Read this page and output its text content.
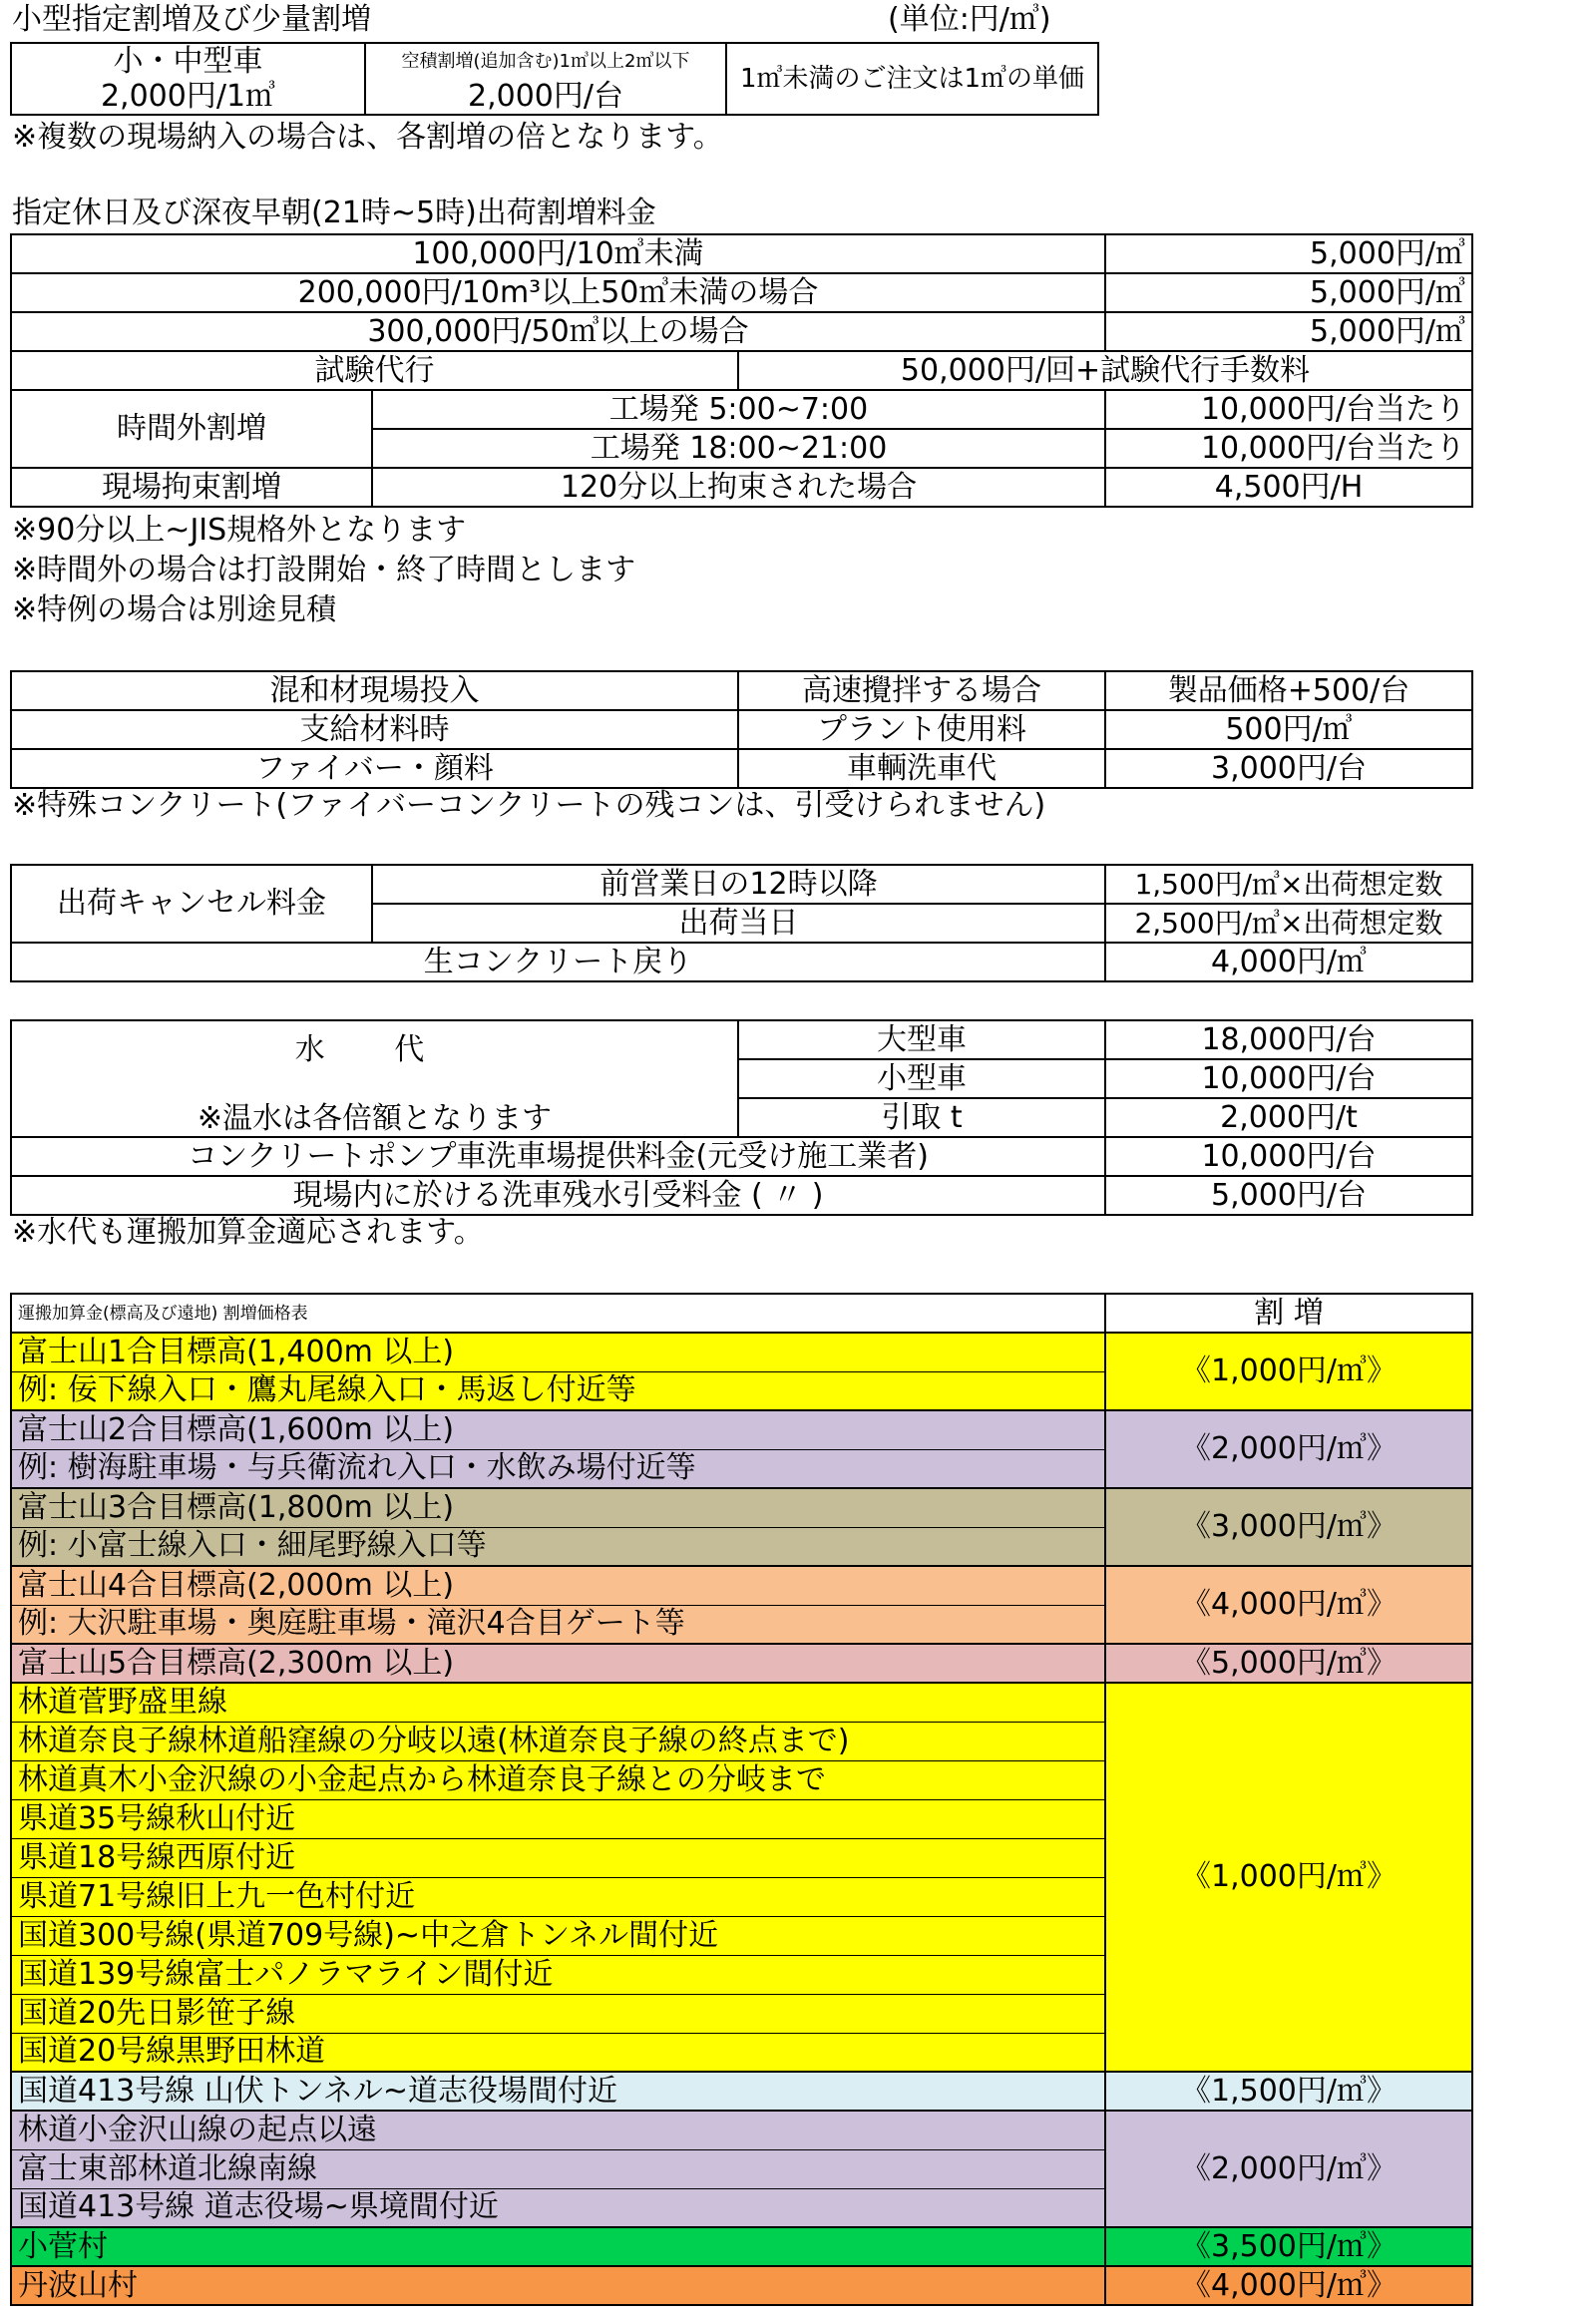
小型指定割増及び少量割増	(単位:円/㎥)
小・中型車	空積割増(追加含む)1㎥以上2㎥以下	1㎥未満のご注文は1㎥の単価
2,000円/1㎥	2,000円/台	
※複数の現場納入の場合は、各割増の倍となります。
指定休日及び深夜早朝(21時~5時)出荷割増料金
100,000円/10㎥未満			5,000円/㎥
200,000円/10m³以上50㎥未満の場合			5,000円/㎥
300,000円/50㎥以上の場合			5,000円/㎥
試験代行		50,000円/回+試験代行手数料	
時間外割増	工場発 5:00~7:00		10,000円/台当たり
	工場発 18:00~21:00		10,000円/台当たり
現場拘束割増	120分以上拘束された場合		4,500円/H
※90分以上~JIS規格外となります
※時間外の場合は打設開始・終了時間とします
※特例の場合は別途見積
混和材現場投入	高速攪拌する場合	製品価格+500/台
支給材料時	プラント使用料	500円/㎥
ファイバー・顔料	車輌洗車代	3,000円/台
※特殊コンクリート(ファイバーコンクリートの残コンは、引受けられません)
出荷キャンセル料金	前営業日の12時以降	1,500円/㎥×出荷想定数
	出荷当日	2,500円/㎥×出荷想定数
生コンクリート戻り		4,000円/㎥
水 代
※温水は各倍額となります	大型車	18,000円/台
	小型車	10,000円/台
	引取 t	2,000円/t
コンクリートポンプ車洗車場提供料金(元受け施工業者)		10,000円/台
現場内に於ける洗車残水引受料金 ( 〃 )		5,000円/台
※水代も運搬加算金適応されます。
運搬加算金(標高及び遠地) 割増価格表	割 増
富士山1合目標高(1,400m 以上)	《1,000円/㎥》
例: 佞下線入口・鷹丸尾線入口・馬返し付近等	
富士山2合目標高(1,600m 以上)	《2,000円/㎥》
例: 樹海駐車場・与兵衛流れ入口・水飲み場付近等	
富士山3合目標高(1,800m 以上)	《3,000円/㎥》
例: 小富士線入口・細尾野線入口等	
富士山4合目標高(2,000m 以上)	《4,000円/㎥》
例: 大沢駐車場・奥庭駐車場・滝沢4合目ゲート等	
富士山5合目標高(2,300m 以上)	《5,000円/㎥》
林道菅野盛里線	《1,000円/㎥》
林道奈良子線林道船窪線の分岐以遠(林道奈良子線の終点まで)	
林道真木小金沢線の小金起点から林道奈良子線との分岐まで	
県道35号線秋山付近	
県道18号線西原付近	
県道71号線旧上九一色村付近	
国道300号線(県道709号線)~中之倉トンネル間付近	
国道139号線富士パノラマライン間付近	
国道20先日影笹子線	
国道20号線黒野田林道	
国道413号線 山伏トンネル~道志役場間付近	《1,500円/㎥》
林道小金沢山線の起点以遠	《2,000円/㎥》
富士東部林道北線南線	
国道413号線 道志役場~県境間付近	
小菅村	《3,500円/㎥》
丹波山村	《4,000円/㎥》
